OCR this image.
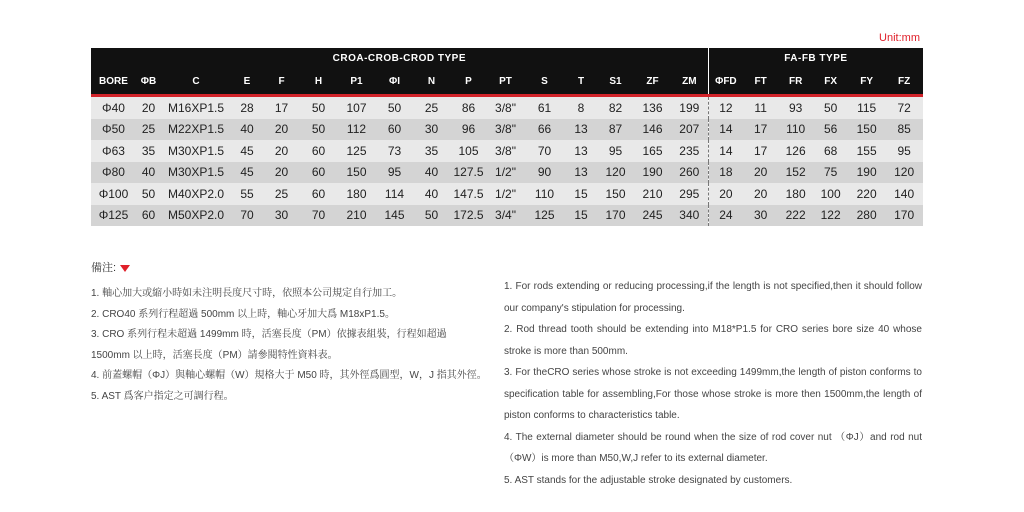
Unit:mm
CROA-CROB-CROD TYPE																FA-FB TYPE					
BORE	ΦB	C	E	F	H	P1	ΦI	N	P	PT	S	T	S1	ZF	ZM	ΦFD	FT	FR	FX	FY	FZ
Φ40	20	M16XP1.5	28	17	50	107	50	25	86	3/8"	61	8	82	136	199	12	11	93	50	115	72
Φ50	25	M22XP1.5	40	20	50	112	60	30	96	3/8"	66	13	87	146	207	14	17	110	56	150	85
Φ63	35	M30XP1.5	45	20	60	125	73	35	105	3/8"	70	13	95	165	235	14	17	126	68	155	95
Φ80	40	M30XP1.5	45	20	60	150	95	40	127.5	1/2"	90	13	120	190	260	18	20	152	75	190	120
Φ100	50	M40XP2.0	55	25	60	180	114	40	147.5	1/2"	110	15	150	210	295	20	20	180	100	220	140
Φ125	60	M50XP2.0	70	30	70	210	145	50	172.5	3/4"	125	15	170	245	340	24	30	222	122	280	170
備注:
1. 軸心加大或縮小時如未注明長度尺寸時，依照本公司規定自行加工。
2. CRO40 系列行程超過 500mm 以上時，軸心牙加大爲 M18xP1.5。
3. CRO 系列行程未超過 1499mm 時，活塞長度（PM）依據表組裝，行程如超過
1500mm 以上時，活塞長度（PM）請參閱特性資料表。
4. 前蓋螺帽（ΦJ）與軸心螺帽（W）規格大于 M50 時，其外徑爲圓型，W，J 指其外徑。
5. AST 爲客户指定之可調行程。
1. For rods extending or reducing processing,if the length is not specified,then it should follow our company's stipulation for processing.
2. Rod thread tooth should be extending into M18*P1.5 for CRO series bore size 40 whose stroke is more than 500mm.
3. For theCRO series whose stroke is not exceeding 1499mm,the length of piston conforms to specification table for assembling,For those whose stroke is more then 1500mm,the length of piston conforms to characteristics table.
4. The external diameter should be round when the size of rod cover nut （ΦJ）and rod nut （ΦW）is more than M50,W,J refer to its external diameter.
5. AST stands for the adjustable stroke designated by customers.
